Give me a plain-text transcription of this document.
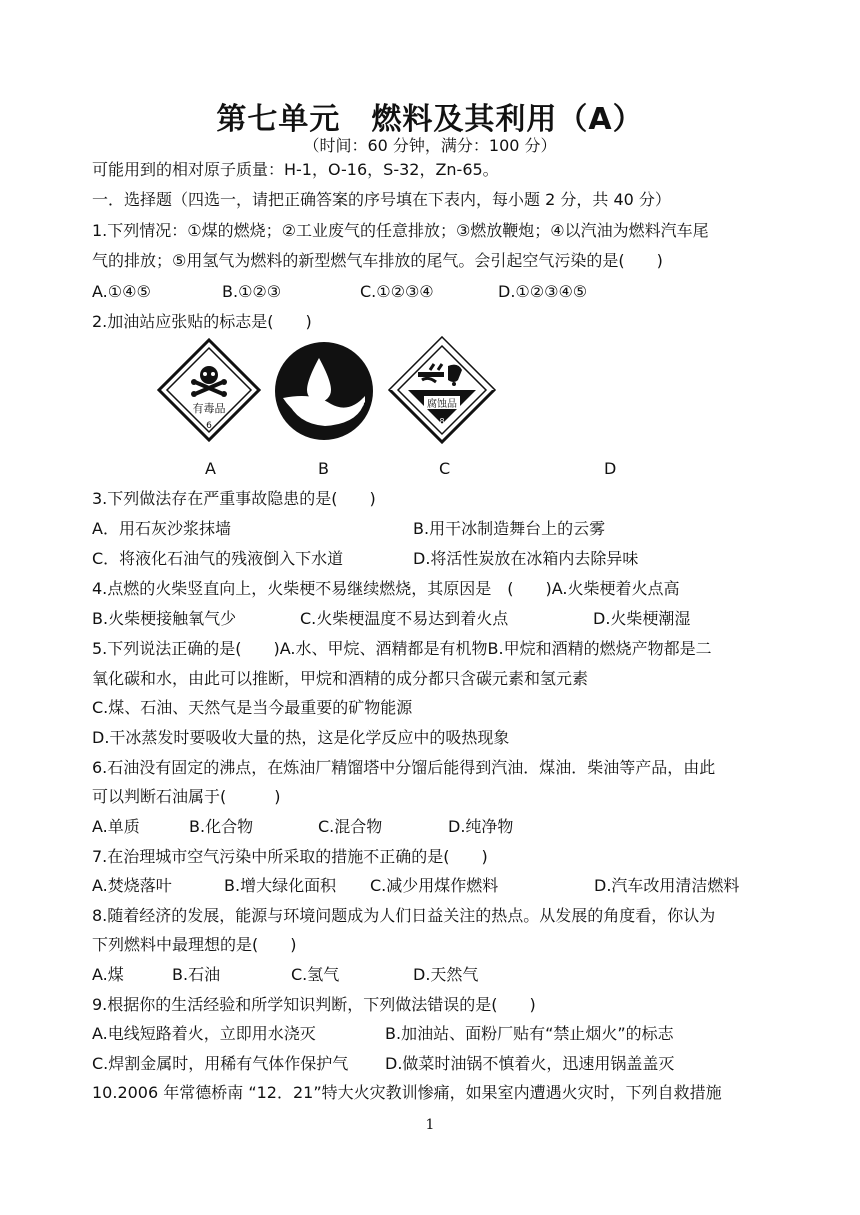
第七单元　燃料及其利用（A）
（时间：60 分钟，满分：100 分）
可能用到的相对原子质量：H-1，O-16，S-32，Zn-65。
一．选择题（四选一，请把正确答案的序号填在下表内，每小题 2 分，共 40 分）
1.下列情况：①煤的燃烧；②工业废气的任意排放；③燃放鞭炮；④以汽油为燃料汽车尾
气的排放；⑤用氢气为燃料的新型燃气车排放的尾气。会引起空气污染的是(　　)
A.①④⑤	B.①②③	C.①②③④	D.①②③④⑤
2.加油站应张贴的标志是(　　)
有毒品
6
腐蚀品
8
A	B	C	D
3.下列做法存在严重事故隐患的是(　　)
A．用石灰沙浆抹墙	B.用干冰制造舞台上的云雾
C．将液化石油气的残液倒入下水道	D.将活性炭放在冰箱内去除异味
4.点燃的火柴竖直向上，火柴梗不易继续燃烧，其原因是　(　　)A.火柴梗着火点高
B.火柴梗接触氧气少	C.火柴梗温度不易达到着火点	D.火柴梗潮湿
5.下列说法正确的是(　　)A.水、甲烷、酒精都是有机物B.甲烷和酒精的燃烧产物都是二
氧化碳和水，由此可以推断，甲烷和酒精的成分都只含碳元素和氢元素
C.煤、石油、天然气是当今最重要的矿物能源
D.干冰蒸发时要吸收大量的热，这是化学反应中的吸热现象
6.石油没有固定的沸点，在炼油厂精馏塔中分馏后能得到汽油．煤油．柴油等产品，由此
可以判断石油属于(　　　)
A.单质	B.化合物	C.混合物	D.纯净物
7.在治理城市空气污染中所采取的措施不正确的是(　　)
A.焚烧落叶	B.增大绿化面积 C.减少用煤作燃料	D.汽车改用清洁燃料
8.随着经济的发展，能源与环境问题成为人们日益关注的热点。从发展的角度看，你认为
下列燃料中最理想的是(　　)
A.煤	B.石油	C.氢气	D.天然气
9.根据你的生活经验和所学知识判断，下列做法错误的是(　　)
A.电线短路着火，立即用水浇灭	B.加油站、面粉厂贴有“禁止烟火”的标志
C.焊割金属时，用稀有气体作保护气 D.做菜时油锅不慎着火，迅速用锅盖盖灭
10.2006 年常德桥南 “12．21”特大火灾教训惨痛，如果室内遭遇火灾时，下列自救措施
1
